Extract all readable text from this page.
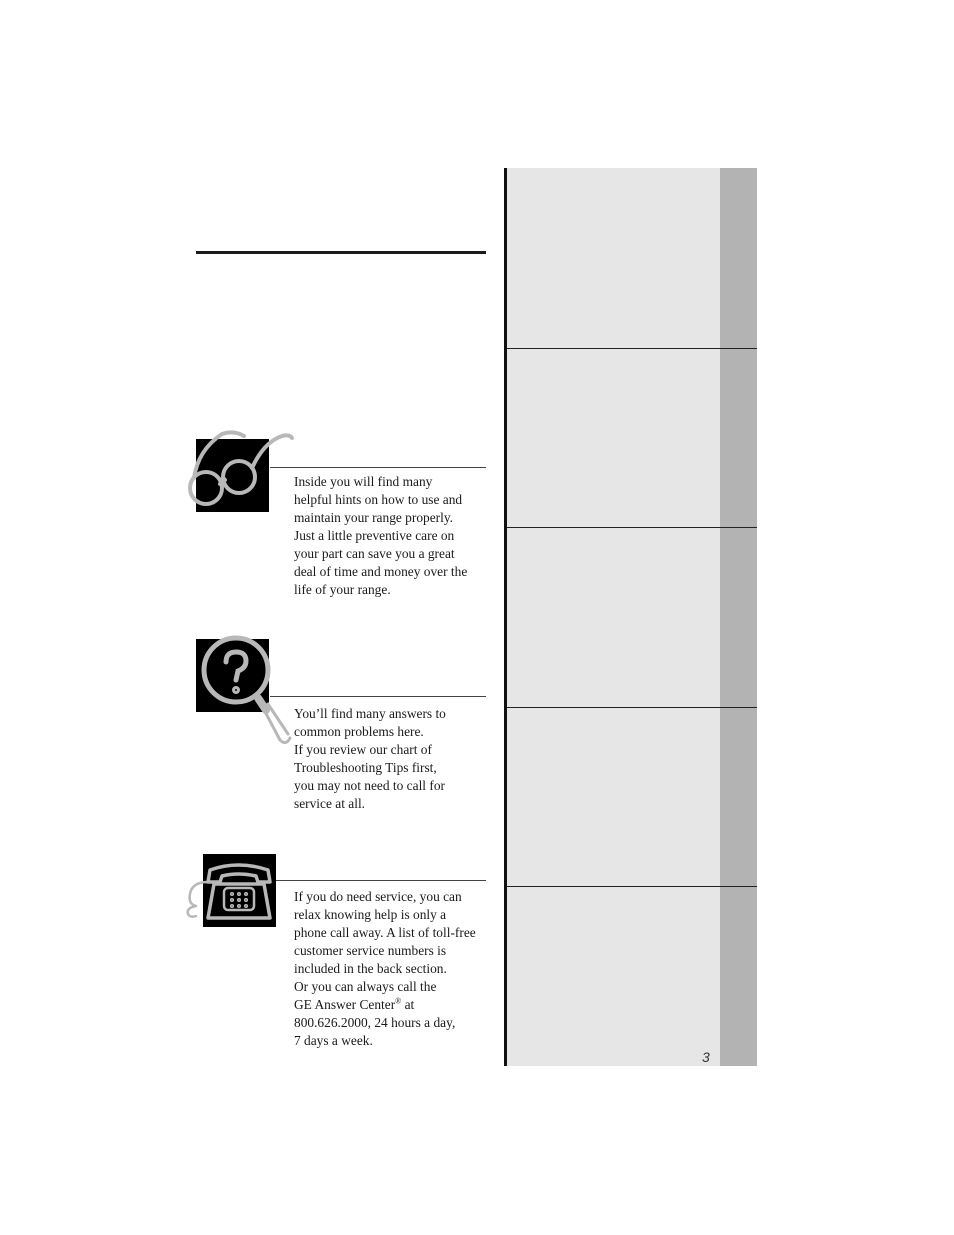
Inside you will find many
helpful hints on how to use and
maintain your range properly.
Just a little preventive care on
your part can save you a great
deal of time and money over the
life of your range.

You’ll find many answers to
common problems here.
If you review our chart of
Troubleshooting Tips first,
you may not need to call for
service at all.

If you do need service, you can
relax knowing help is only a
phone call away. A list of toll-free
customer service numbers is
included in the back section.
Or you can always call the
GE Answer Center® at
800.626.2000, 24 hours a day,
7 days a week.

3
